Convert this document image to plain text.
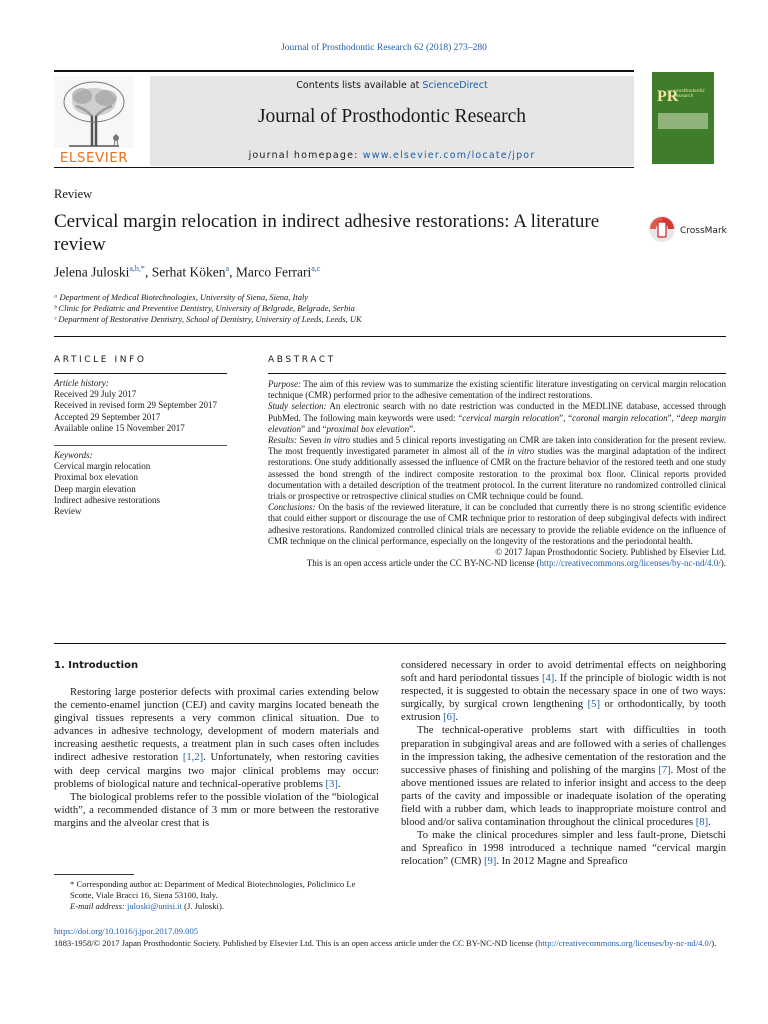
Journal of Prosthodontic Research 62 (2018) 273–280
ELSEVIER
Contents lists available at ScienceDirect
Journal of Prosthodontic Research
journal homepage: www.elsevier.com/locate/jpor
PR
prosthodontic research
Review
Cervical margin relocation in indirect adhesive restorations: A literature review
CrossMark
Jelena Juloski$^{a,b,*}$, Serhat Köken$^a$, Marco Ferrari$^{a,c}$
ᵃ Department of Medical Biotechnologies, University of Siena, Siena, Italy
ᵇ Clinic for Pediatric and Preventive Dentistry, University of Belgrade, Belgrade, Serbia
ᶜ Department of Restorative Dentistry, School of Dentistry, University of Leeds, Leeds, UK
ARTICLE INFO	ABSTRACT
Article history:
Received 29 July 2017
Received in revised form 29 September 2017
Accepted 29 September 2017
Available online 15 November 2017
Keywords:
Cervical margin relocation
Proximal box elevation
Deep margin elevation
Indirect adhesive restorations
Review

Purpose: The aim of this review was to summarize the existing scientific literature investigating on cervical margin relocation technique (CMR) performed prior to the adhesive cementation of the indirect restorations.

Study selection: An electronic search with no date restriction was conducted in the MEDLINE database, accessed through PubMed. The following main keywords were used: “cervical margin relocation”, “coronal margin relocation”, “deep margin elevation” and “proximal box elevation”.

Results: Seven in vitro studies and 5 clinical reports investigating on CMR are taken into consideration for the present review. The most frequently investigated parameter in almost all of the in vitro studies was the marginal adaptation of the indirect restorations. One study additionally assessed the influence of CMR on the fracture behavior of the restored teeth and one study assessed the bond strength of the indirect composite restoration to the proximal box floor. Clinical reports provided documentation with a detailed description of the treatment protocol. In the current literature no randomized controlled clinical trials or prospective or retrospective clinical studies on CMR technique could be found.

Conclusions: On the basis of the reviewed literature, it can be concluded that currently there is no strong scientific evidence that could either support or discourage the use of CMR technique prior to restoration of deep subgingival defects with indirect adhesive restorations. Randomized controlled clinical trials are necessary to provide the reliable evidence on the influence of CMR technique on the clinical performance, especially on the longevity of the restorations and the periodontal health.

© 2017 Japan Prosthodontic Society. Published by Elsevier Ltd.

This is an open access article under the CC BY-NC-ND license (http://creativecommons.org/licenses/by-nc-nd/4.0/).

1. Introduction

Restoring large posterior defects with proximal caries extending below the cemento-enamel junction (CEJ) and cavity margins located beneath the gingival tissues represents a very common clinical situation. Due to advances in adhesive technology, development of modern materials and increasing aesthetic requests, a treatment plan in such cases often includes indirect adhesive restoration [1,2]. Unfortunately, when restoring cavities with deep cervical margins two major clinical problems may occur: problems of biological nature and technical-operative problems [3].

The biological problems refer to the possible violation of the “biological width”, a recommended distance of 3 mm or more between the restorative margins and the alveolar crest that is

considered necessary in order to avoid detrimental effects on neighboring soft and hard periodontal tissues [4]. If the principle of biologic width is not respected, it is suggested to obtain the necessary space in one of two ways: surgically, by surgical crown lengthening [5] or orthodontically, by tooth extrusion [6].

The technical-operative problems start with difficulties in tooth preparation in subgingival areas and are followed with a series of challenges in the impression taking, the adhesive cementation of the restoration and the successive phases of finishing and polishing of the margins [7]. Most of the above mentioned issues are related to inferior insight and access to the deep parts of the cavity and impossible or inadequate isolation of the operating field with a rubber dam, which leads to inappropriate moisture control and blood and/or saliva contamination throughout the clinical procedures [8].

To make the clinical procedures simpler and less fault-prone, Dietschi and Spreafico in 1998 introduced a technique named “cervical margin relocation” (CMR) [9]. In 2012 Magne and Spreafico

* Corresponding author at: Department of Medical Biotechnologies, Policlinico Le Scotte, Viale Bracci 16, Siena 53100, Italy.
E-mail address: juloski@unisi.it (J. Juloski).
https://doi.org/10.1016/j.jpor.2017.09.005
1883-1958/© 2017 Japan Prosthodontic Society. Published by Elsevier Ltd. This is an open access article under the CC BY-NC-ND license (http://creativecommons.org/licenses/by-nc-nd/4.0/).
